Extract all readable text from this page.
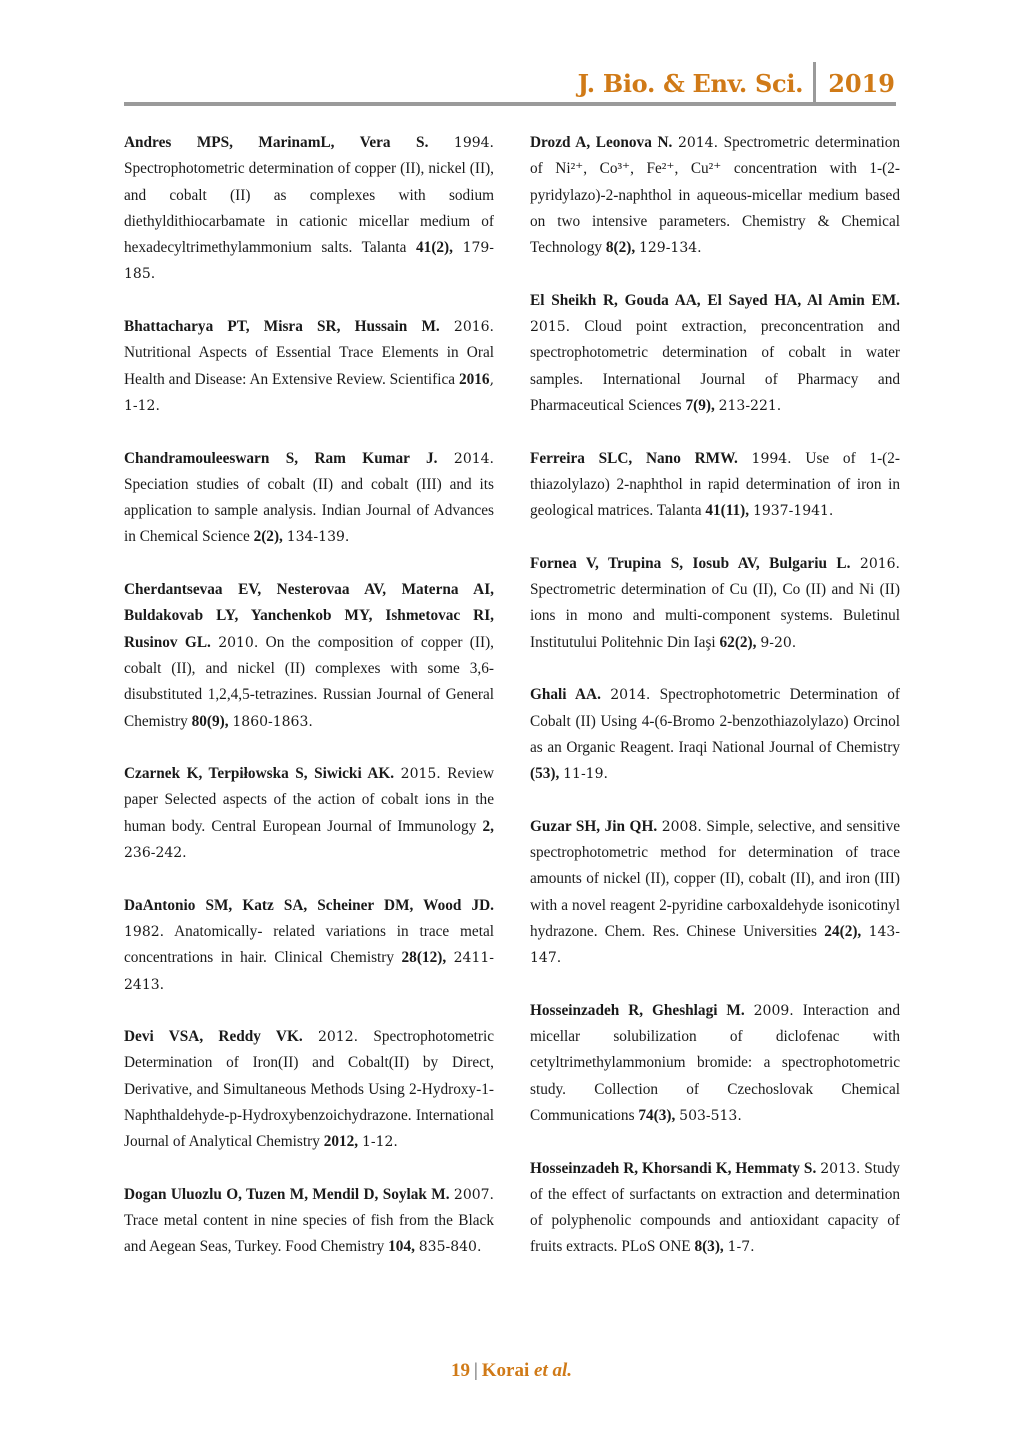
J. Bio. & Env. Sci.	2019

Andres MPS, MarinamL, Vera S. 1994. Spectrophotometric determination of copper (II), nickel (II), and cobalt (II) as complexes with sodium diethyldithiocarbamate in cationic micellar medium of hexadecyltrimethylammonium salts. Talanta 41(2), 179-185.

Bhattacharya PT, Misra SR, Hussain M. 2016. Nutritional Aspects of Essential Trace Elements in Oral Health and Disease: An Extensive Review. Scientifica 2016, 1-12.

Chandramouleeswarn S, Ram Kumar J. 2014. Speciation studies of cobalt (II) and cobalt (III) and its application to sample analysis. Indian Journal of Advances in Chemical Science 2(2), 134-139.

Cherdantsevaa EV, Nesterovaa AV, Materna AI, Buldakovab LY, Yanchenkob MY, Ishmetovac RI, Rusinov GL. 2010. On the composition of copper (II), cobalt (II), and nickel (II) complexes with some 3,6-disubstituted 1,2,4,5-tetrazines. Russian Journal of General Chemistry 80(9), 1860-1863.

Czarnek K, Terpiłowska S, Siwicki AK. 2015. Review paper Selected aspects of the action of cobalt ions in the human body. Central European Journal of Immunology 2, 236-242.

DaAntonio SM, Katz SA, Scheiner DM, Wood JD. 1982. Anatomically- related variations in trace metal concentrations in hair. Clinical Chemistry 28(12), 2411-2413.

Devi VSA, Reddy VK. 2012. Spectrophotometric Determination of Iron(II) and Cobalt(II) by Direct, Derivative, and Simultaneous Methods Using 2-Hydroxy-1-Naphthaldehyde-p-Hydroxybenzoichydrazone. International Journal of Analytical Chemistry 2012, 1-12.

Dogan Uluozlu O, Tuzen M, Mendil D, Soylak M. 2007. Trace metal content in nine species of fish from the Black and Aegean Seas, Turkey. Food Chemistry 104, 835-840.

Drozd A, Leonova N. 2014. Spectrometric determination of Ni²⁺, Co³⁺, Fe²⁺, Cu²⁺ concentration with 1-(2-pyridylazo)-2-naphthol in aqueous-micellar medium based on two intensive parameters. Chemistry & Chemical Technology 8(2), 129-134.

El Sheikh R, Gouda AA, El Sayed HA, Al Amin EM. 2015. Cloud point extraction, preconcentration and spectrophotometric determination of cobalt in water samples. International Journal of Pharmacy and Pharmaceutical Sciences 7(9), 213-221.

Ferreira SLC, Nano RMW. 1994. Use of 1-(2-thiazolylazo) 2-naphthol in rapid determination of iron in geological matrices. Talanta 41(11), 1937-1941.

Fornea V, Trupina S, Iosub AV, Bulgariu L. 2016. Spectrometric determination of Cu (II), Co (II) and Ni (II) ions in mono and multi-component systems. Buletinul Institutului Politehnic Din Iaşi 62(2), 9-20.

Ghali AA. 2014. Spectrophotometric Determination of Cobalt (II) Using 4-(6-Bromo 2-benzothiazolylazo) Orcinol as an Organic Reagent. Iraqi National Journal of Chemistry (53), 11-19.

Guzar SH, Jin QH. 2008. Simple, selective, and sensitive spectrophotometric method for determination of trace amounts of nickel (II), copper (II), cobalt (II), and iron (III) with a novel reagent 2-pyridine carboxaldehyde isonicotinyl hydrazone. Chem. Res. Chinese Universities 24(2), 143-147.

Hosseinzadeh R, Gheshlagi M. 2009. Interaction and micellar solubilization of diclofenac with cetyltrimethylammonium bromide: a spectrophotometric study. Collection of Czechoslovak Chemical Communications 74(3), 503-513.

Hosseinzadeh R, Khorsandi K, Hemmaty S. 2013. Study of the effect of surfactants on extraction and determination of polyphenolic compounds and antioxidant capacity of fruits extracts. PLoS ONE 8(3), 1-7.

19 | Korai et al.
